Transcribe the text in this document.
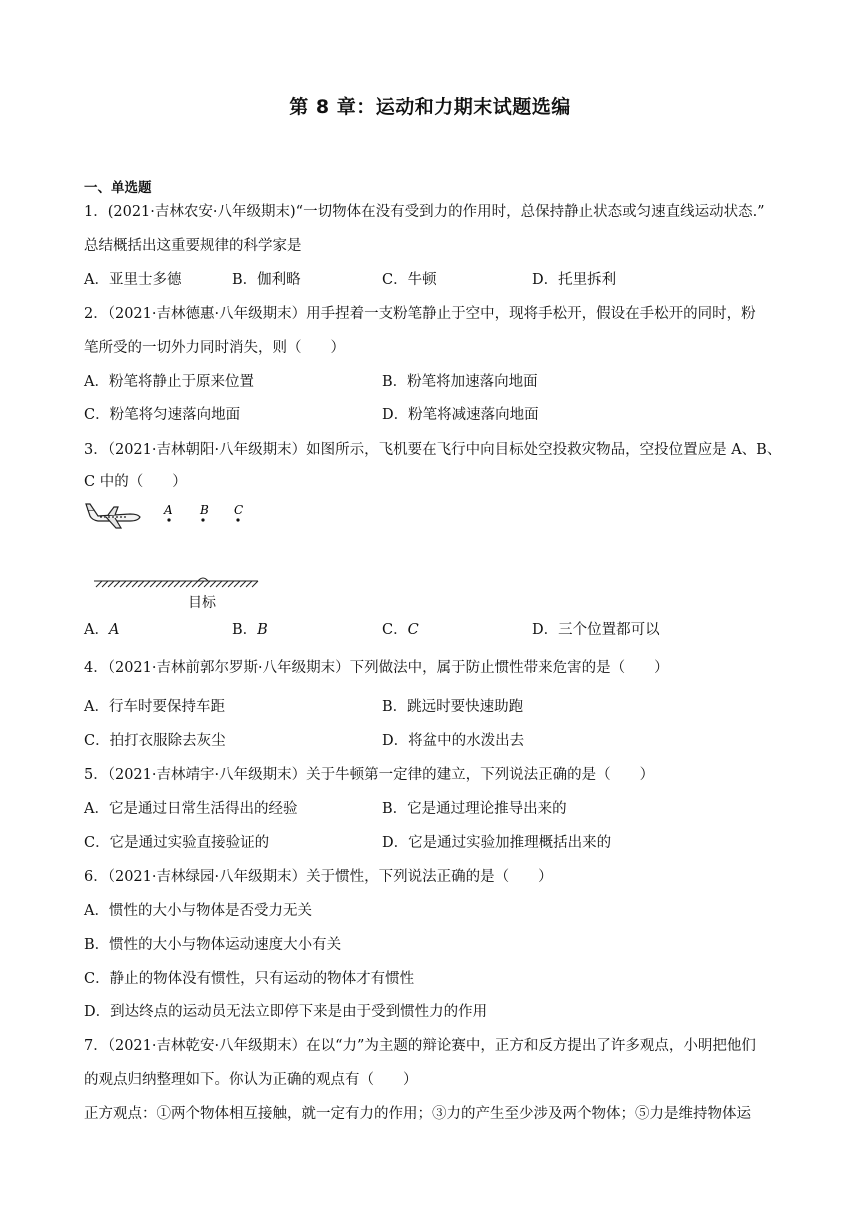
第 8 章：运动和力期末试题选编
一、单选题
1．(2021·吉林农安·八年级期末)“一切物体在没有受到力的作用时，总保持静止状态或匀速直线运动状态.”
总结概括出这重要规律的科学家是
A．亚里士多德	B．伽利略	C．牛顿	D．托里拆利
2．（2021·吉林德惠·八年级期末）用手捏着一支粉笔静止于空中，现将手松开，假设在手松开的同时，粉
笔所受的一切外力同时消失，则（　　）
A．粉笔将静止于原来位置	B．粉笔将加速落向地面
C．粉笔将匀速落向地面	D．粉笔将减速落向地面
3．（2021·吉林朝阳·八年级期末）如图所示，飞机要在飞行中向目标处空投救灾物品，空投位置应是 A、B、
C 中的（　　）
A B C
目标
A．A	B．B	C．C	D．三个位置都可以
4．（2021·吉林前郭尔罗斯·八年级期末）下列做法中，属于防止惯性带来危害的是（　　）
A．行车时要保持车距	B．跳远时要快速助跑
C．拍打衣服除去灰尘	D．将盆中的水泼出去
5．（2021·吉林靖宇·八年级期末）关于牛顿第一定律的建立，下列说法正确的是（　　）
A．它是通过日常生活得出的经验	B．它是通过理论推导出来的
C．它是通过实验直接验证的	D．它是通过实验加推理概括出来的
6．（2021·吉林绿园·八年级期末）关于惯性，下列说法正确的是（　　）
A．惯性的大小与物体是否受力无关
B．惯性的大小与物体运动速度大小有关
C．静止的物体没有惯性，只有运动的物体才有惯性
D．到达终点的运动员无法立即停下来是由于受到惯性力的作用
7．（2021·吉林乾安·八年级期末）在以“力”为主题的辩论赛中，正方和反方提出了许多观点，小明把他们
的观点归纳整理如下。你认为正确的观点有（　　）
正方观点：①两个物体相互接触，就一定有力的作用；③力的产生至少涉及两个物体；⑤力是维持物体运
